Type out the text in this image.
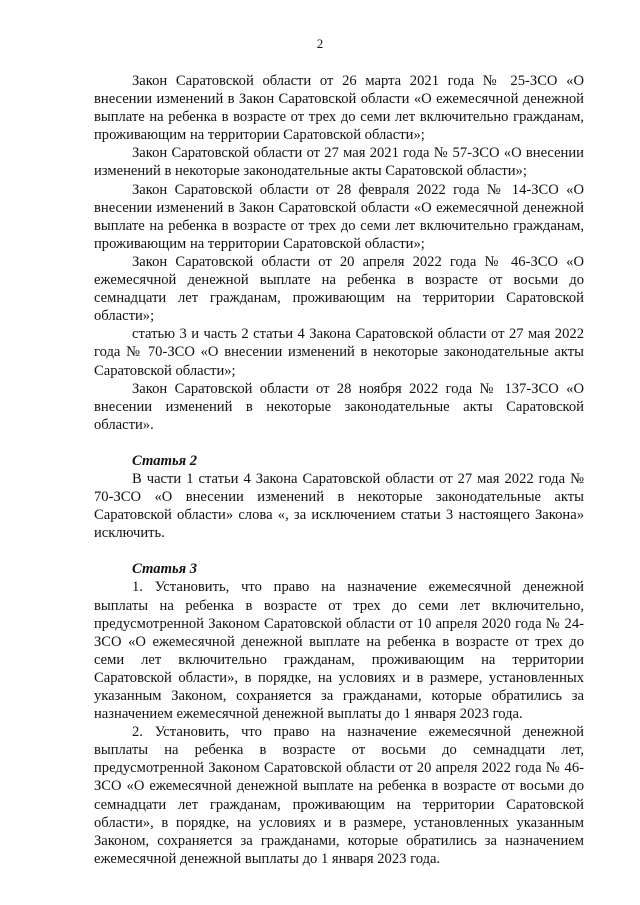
2

Закон Саратовской области от 26 марта 2021 года № 25-ЗСО «О внесении изменений в Закон Саратовской области «О ежемесячной денежной выплате на ребенка в возрасте от трех до семи лет включительно гражданам, проживающим на территории Саратовской области»;

Закон Саратовской области от 27 мая 2021 года № 57-ЗСО «О внесении изменений в некоторые законодательные акты Саратовской области»;

Закон Саратовской области от 28 февраля 2022 года № 14-ЗСО «О внесении изменений в Закон Саратовской области «О ежемесячной денежной выплате на ребенка в возрасте от трех до семи лет включительно гражданам, проживающим на территории Саратовской области»;

Закон Саратовской области от 20 апреля 2022 года № 46-ЗСО «О ежемесячной денежной выплате на ребенка в возрасте от восьми до семнадцати лет гражданам, проживающим на территории Саратовской области»;

статью 3 и часть 2 статьи 4 Закона Саратовской области от 27 мая 2022 года № 70-ЗСО «О внесении изменений в некоторые законодательные акты Саратовской области»;

Закон Саратовской области от 28 ноября 2022 года № 137-ЗСО «О внесении изменений в некоторые законодательные акты Саратовской области».

Статья 2

В части 1 статьи 4 Закона Саратовской области от 27 мая 2022 года № 70-ЗСО «О внесении изменений в некоторые законодательные акты Саратовской области» слова «, за исключением статьи 3 настоящего Закона» исключить.

Статья 3

1. Установить, что право на назначение ежемесячной денежной выплаты на ребенка в возрасте от трех до семи лет включительно, предусмотренной Законом Саратовской области от 10 апреля 2020 года № 24-ЗСО «О ежемесячной денежной выплате на ребенка в возрасте от трех до семи лет включительно гражданам, проживающим на территории Саратовской области», в порядке, на условиях и в размере, установленных указанным Законом, сохраняется за гражданами, которые обратились за назначением ежемесячной денежной выплаты до 1 января 2023 года.

2. Установить, что право на назначение ежемесячной денежной выплаты на ребенка в возрасте от восьми до семнадцати лет, предусмотренной Законом Саратовской области от 20 апреля 2022 года № 46-ЗСО «О ежемесячной денежной выплате на ребенка в возрасте от восьми до семнадцати лет гражданам, проживающим на территории Саратовской области», в порядке, на условиях и в размере, установленных указанным Законом, сохраняется за гражданами, которые обратились за назначением ежемесячной денежной выплаты до 1 января 2023 года.
